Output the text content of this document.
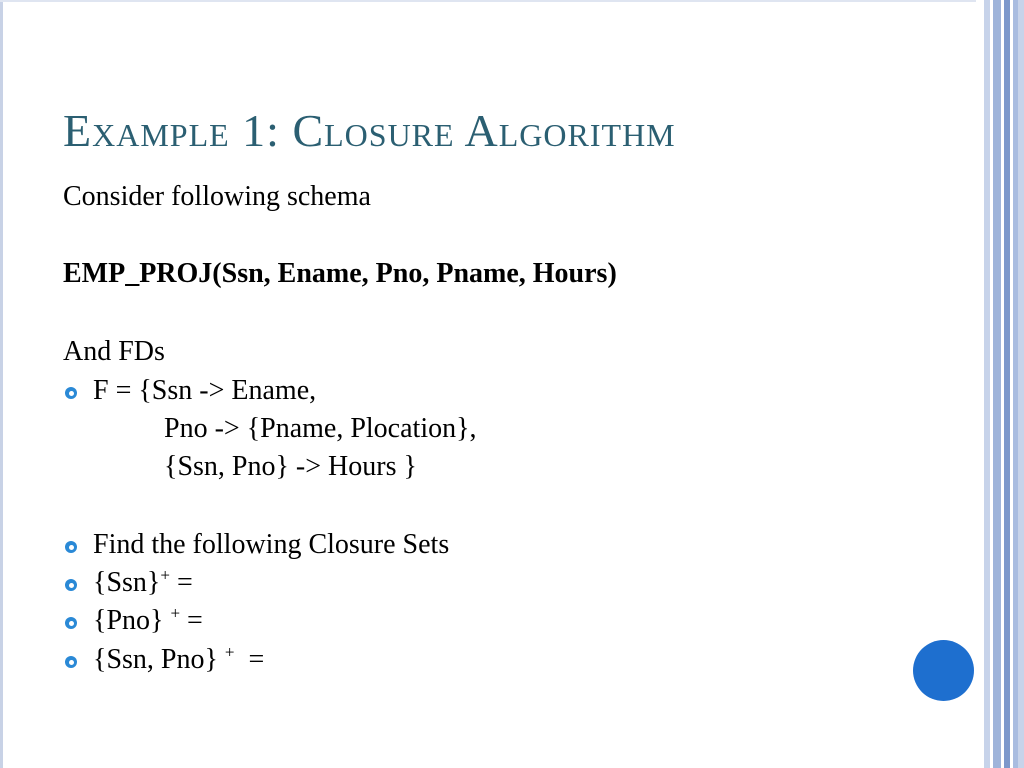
Example 1: Closure Algorithm
Consider following schema
EMP_PROJ(Ssn, Ename, Pno, Pname, Hours)
And FDs
F = {Ssn -> Ename,
Pno -> {Pname, Plocation},
{Ssn, Pno} -> Hours }
Find the following Closure Sets
{Ssn}+ =
{Pno} + =
{Ssn, Pno} +  =
